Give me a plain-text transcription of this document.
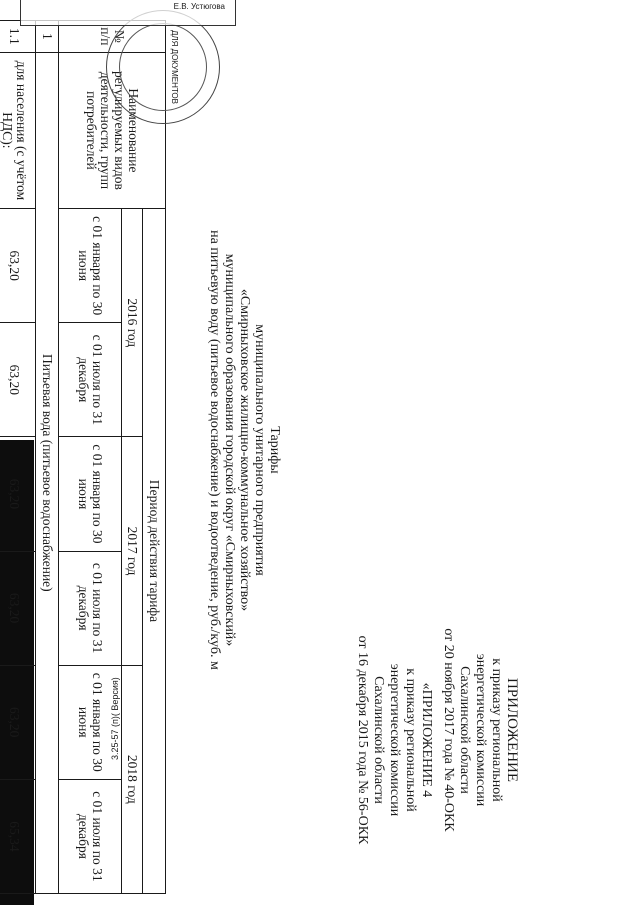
ПРИЛОЖЕНИЕ
к приказу региональной
энергетической комиссии
Сахалинской области
от 20 ноября 2017 года № 40-ОКК
«ПРИЛОЖЕНИЕ 4
к приказу региональной
энергетической комиссии
Сахалинской области
от 16 декабря 2015 года № 56-ОКК
Тарифы
муниципального унитарного предприятия
«Смирныховское жилищно-коммунальное хозяйство»
муниципального образования городской округ «Смирныховский»
на питьевую воду (питьевое водоснабжение) и водоотведение, руб./куб. м
№ п/п	Наименование регулируемых видов деятельности, групп потребителей	Период действия тарифа					
		2016 год		2017 год		2018 год	
		с 01 января по 30 июня	с 01 июля по 31 декабря	с 01 января по 30 июня	с 01 июля по 31 декабря	с 01 января по 30 июня	с 01 июля по 31 декабря
1	Питьевая вода (питьевое водоснабжение)						
1.1	для населения (с учётом НДС):	63,20	63,20	63,20	63,20	63,20	65,34
ДЛЯ ДОКУМЕНТОВ
Е.В. Устюгова
3.25-57 (п)( Версия)
